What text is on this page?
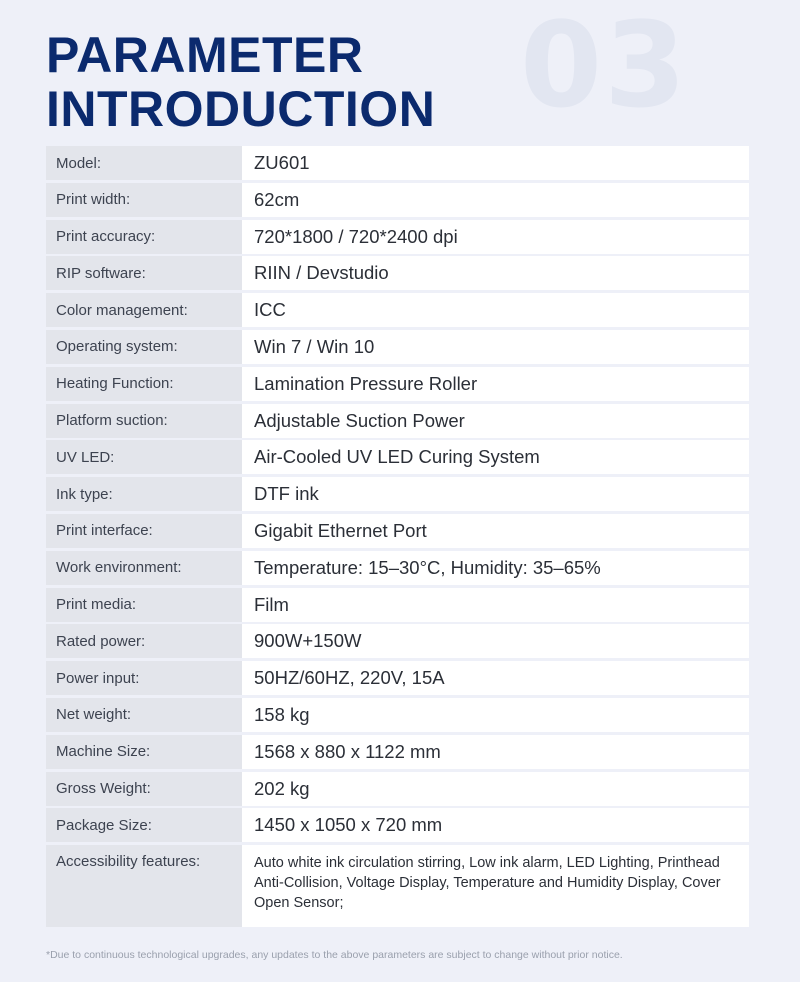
03
PARAMETER
INTRODUCTION
Model:	ZU601
Print width:	62cm
Print accuracy:	720*1800 / 720*2400 dpi
RIP software:	RIIN / Devstudio
Color management:	ICC
Operating system:	Win 7 / Win 10
Heating Function:	Lamination Pressure Roller
Platform suction:	Adjustable Suction Power
UV LED:	Air-Cooled UV LED Curing System
Ink type:	DTF ink
Print interface:	Gigabit Ethernet Port
Work environment:	Temperature: 15–30°C, Humidity: 35–65%
Print media:	Film
Rated power:	900W+150W
Power input:	50HZ/60HZ, 220V, 15A
Net weight:	158 kg
Machine Size:	1568 x 880 x 1122 mm
Gross Weight:	202 kg
Package Size:	1450 x 1050 x 720 mm
Accessibility features:	Auto white ink circulation stirring, Low ink alarm, LED Lighting, Printhead Anti-Collision, Voltage Display, Temperature and Humidity Display, Cover Open Sensor;
*Due to continuous technological upgrades, any updates to the above parameters are subject to change without prior notice.
